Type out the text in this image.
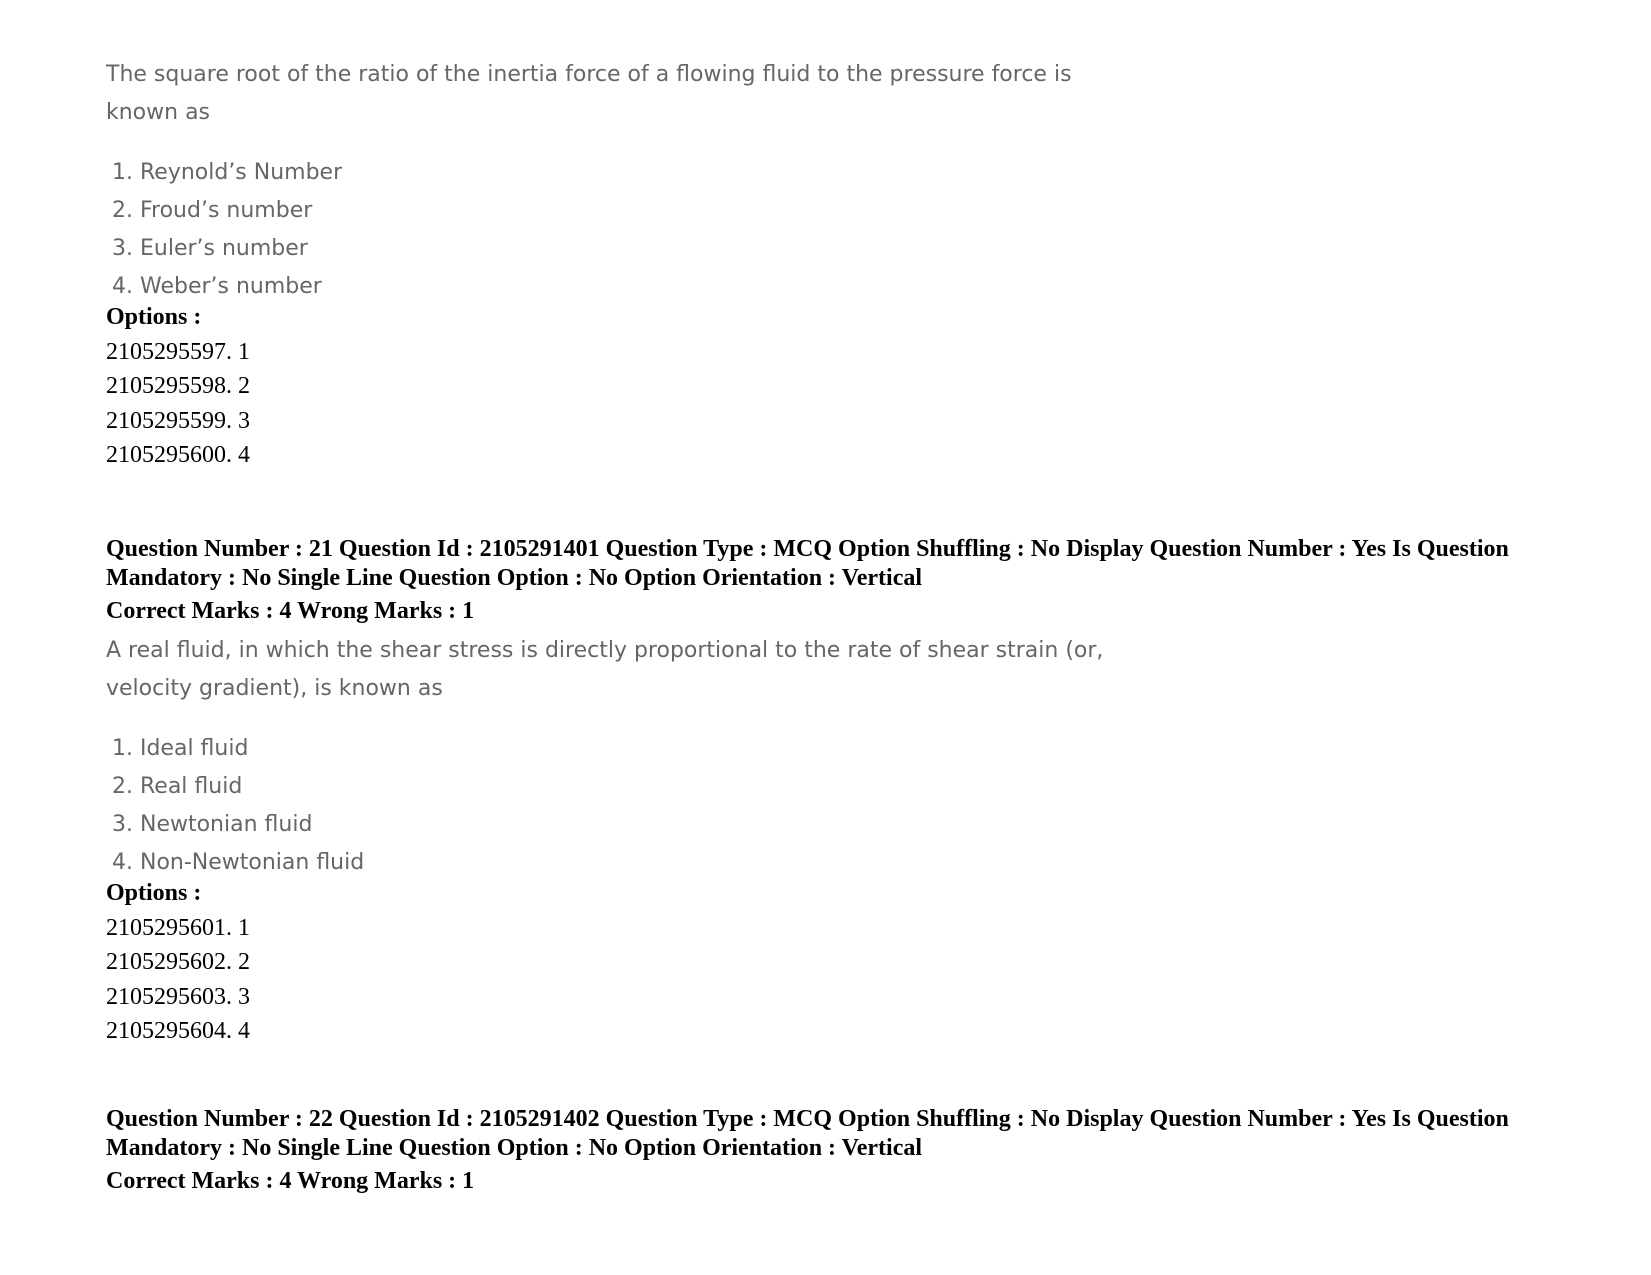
The square root of the ratio of the inertia force of a flowing fluid to the pressure force is known as

1. Reynold’s Number
2. Froud’s number
3. Euler’s number
4. Weber’s number

Options :

2105295597. 1

2105295598. 2

2105295599. 3

2105295600. 4

Question Number : 21 Question Id : 2105291401 Question Type : MCQ Option Shuffling : No Display Question Number : Yes Is Question Mandatory : No Single Line Question Option : No Option Orientation : Vertical

Correct Marks : 4 Wrong Marks : 1

A real fluid, in which the shear stress is directly proportional to the rate of shear strain (or, velocity gradient), is known as

1. Ideal fluid
2. Real fluid
3. Newtonian fluid
4. Non-Newtonian fluid

Options :

2105295601. 1

2105295602. 2

2105295603. 3

2105295604. 4

Question Number : 22 Question Id : 2105291402 Question Type : MCQ Option Shuffling : No Display Question Number : Yes Is Question Mandatory : No Single Line Question Option : No Option Orientation : Vertical

Correct Marks : 4 Wrong Marks : 1
